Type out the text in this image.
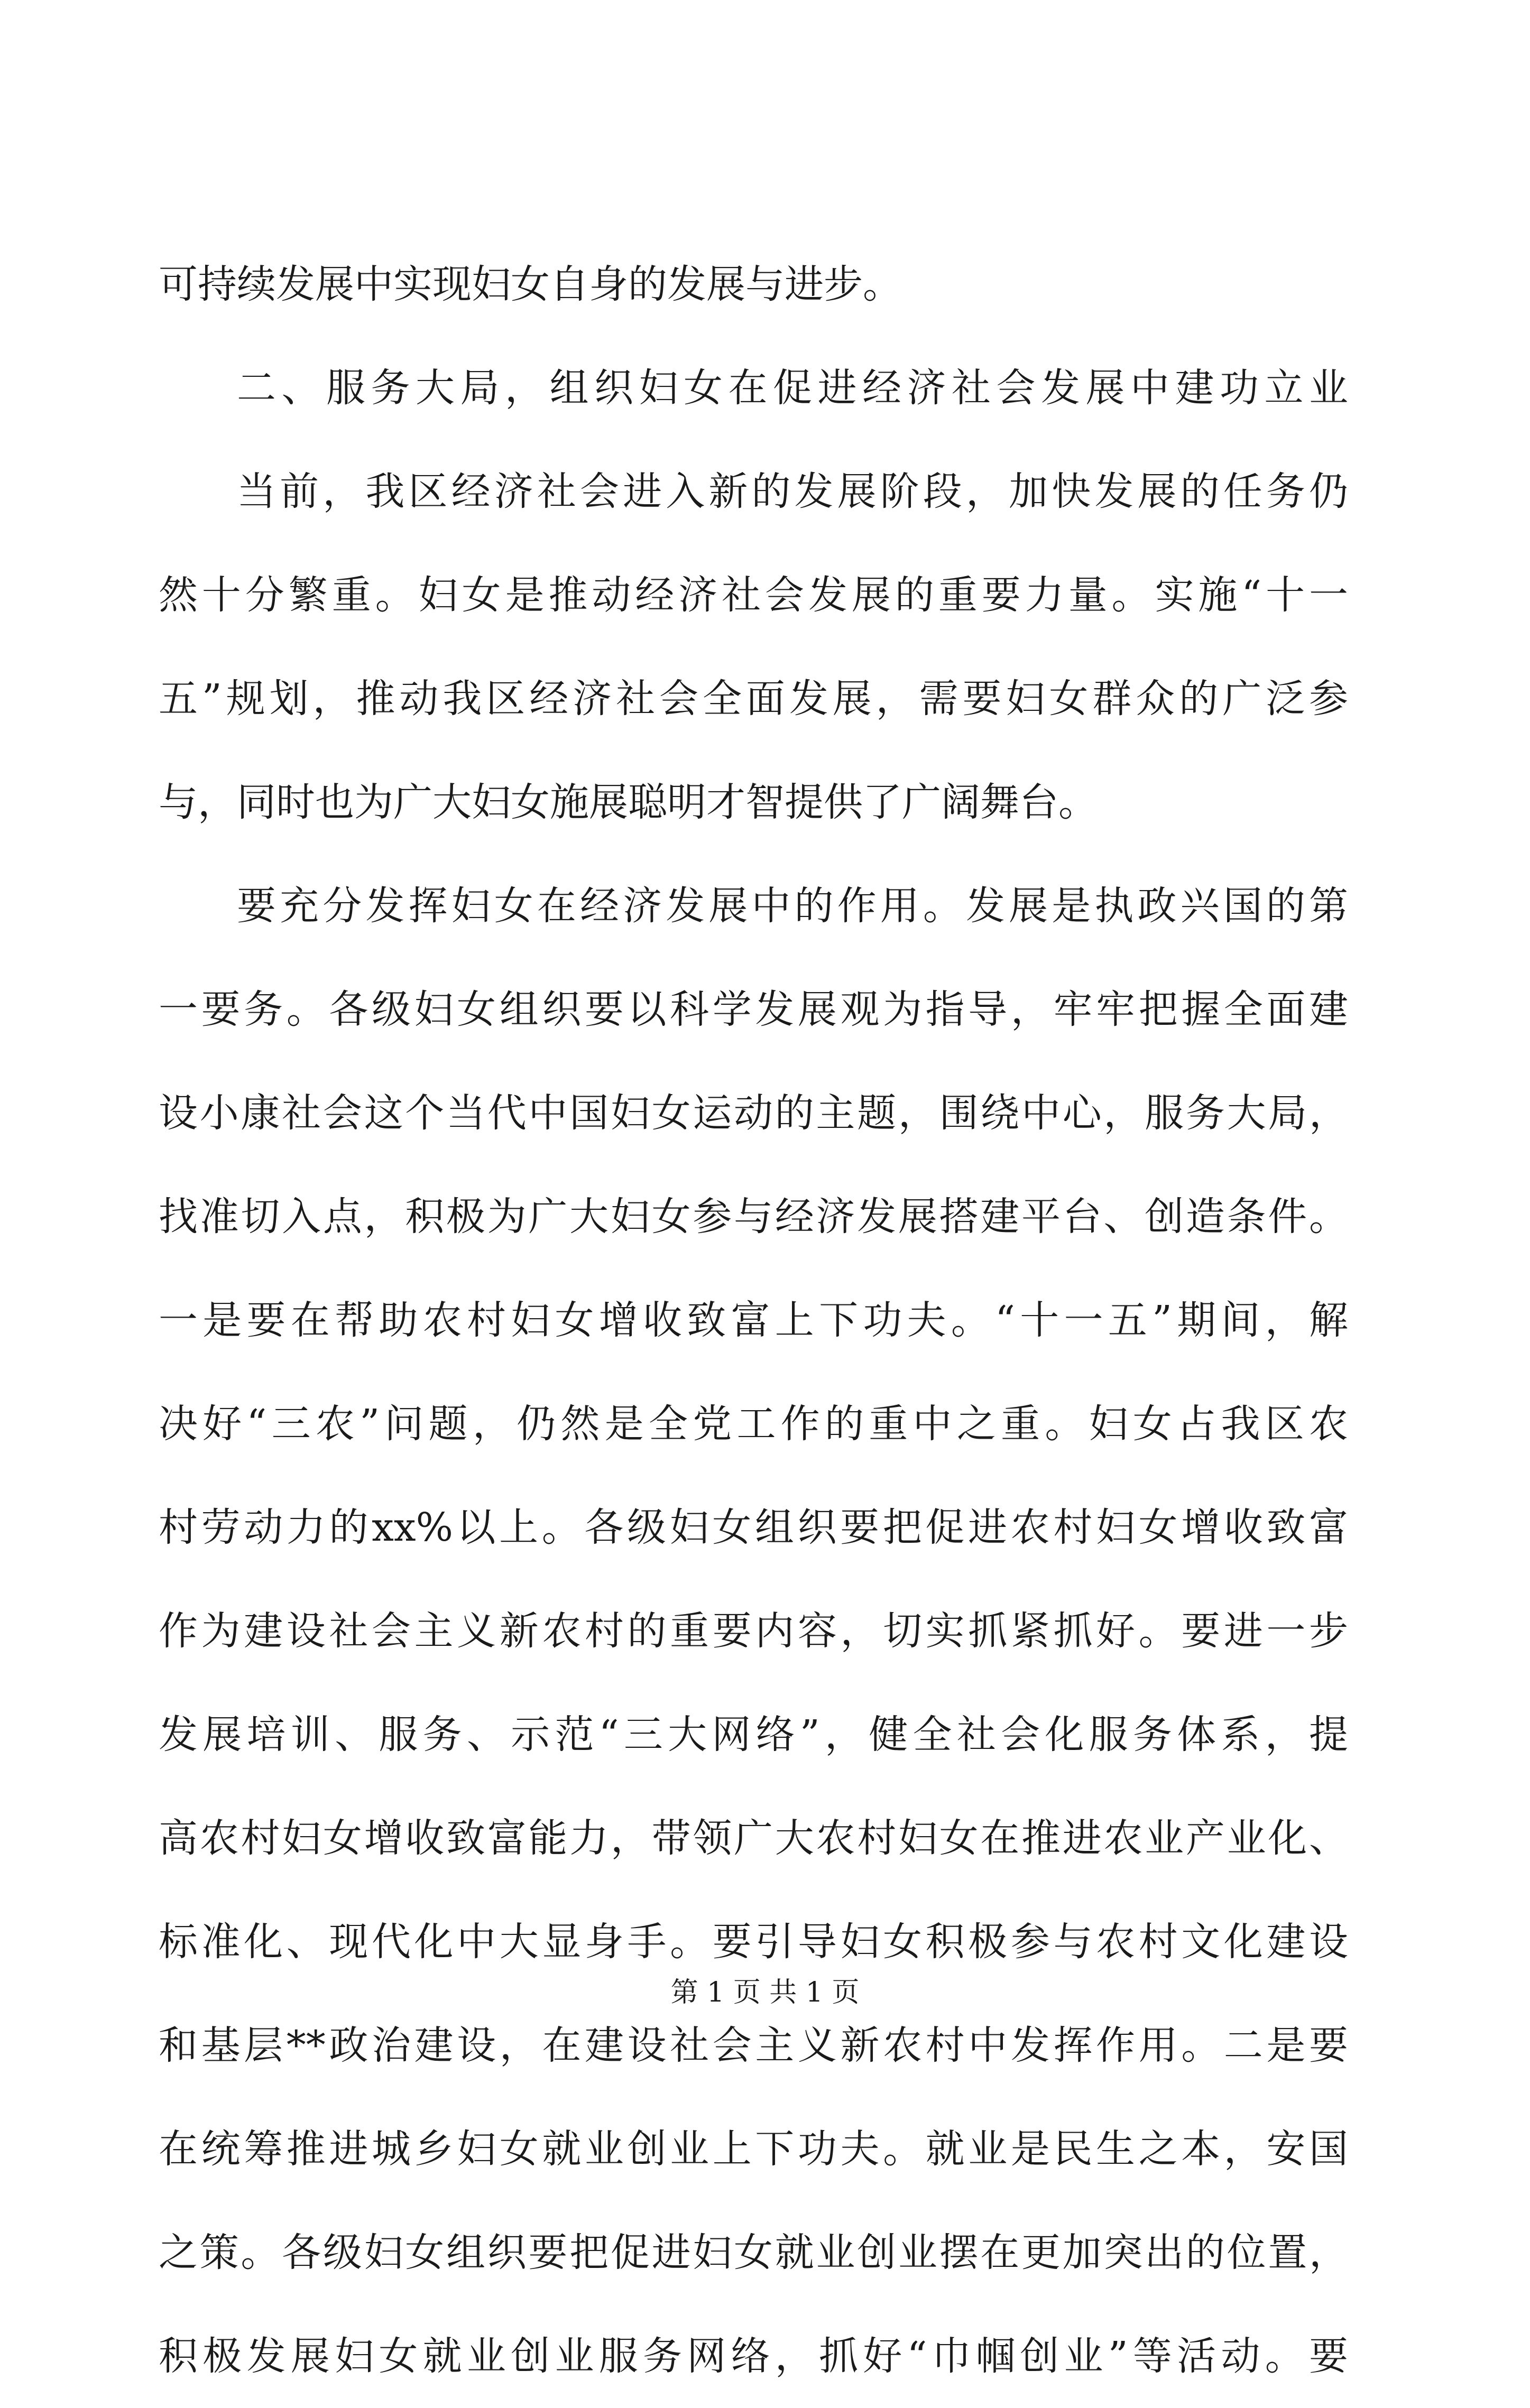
可持续发展中实现妇女自身的发展与进步。
二、服务大局，组织妇女在促进经济社会发展中建功立业
当前，我区经济社会进入新的发展阶段，加快发展的任务仍
然十分繁重。妇女是推动经济社会发展的重要力量。实施“十一
五”规划，推动我区经济社会全面发展，需要妇女群众的广泛参
与，同时也为广大妇女施展聪明才智提供了广阔舞台。
要充分发挥妇女在经济发展中的作用。发展是执政兴国的第
一要务。各级妇女组织要以科学发展观为指导，牢牢把握全面建
设小康社会这个当代中国妇女运动的主题，围绕中心，服务大局，
找准切入点，积极为广大妇女参与经济发展搭建平台、创造条件。
一是要在帮助农村妇女增收致富上下功夫。“十一五”期间，解
决好“三农”问题，仍然是全党工作的重中之重。妇女占我区农
村劳动力的xx%以上。各级妇女组织要把促进农村妇女增收致富
作为建设社会主义新农村的重要内容，切实抓紧抓好。要进一步
发展培训、服务、示范“三大网络”，健全社会化服务体系，提
高农村妇女增收致富能力，带领广大农村妇女在推进农业产业化、
标准化、现代化中大显身手。要引导妇女积极参与农村文化建设
和基层**政治建设，在建设社会主义新农村中发挥作用。二是要
在统筹推进城乡妇女就业创业上下功夫。就业是民生之本，安国
之策。各级妇女组织要把促进妇女就业创业摆在更加突出的位置，
积极发展妇女就业创业服务网络，抓好“巾帼创业”等活动。要
第 1 页 共 1 页
